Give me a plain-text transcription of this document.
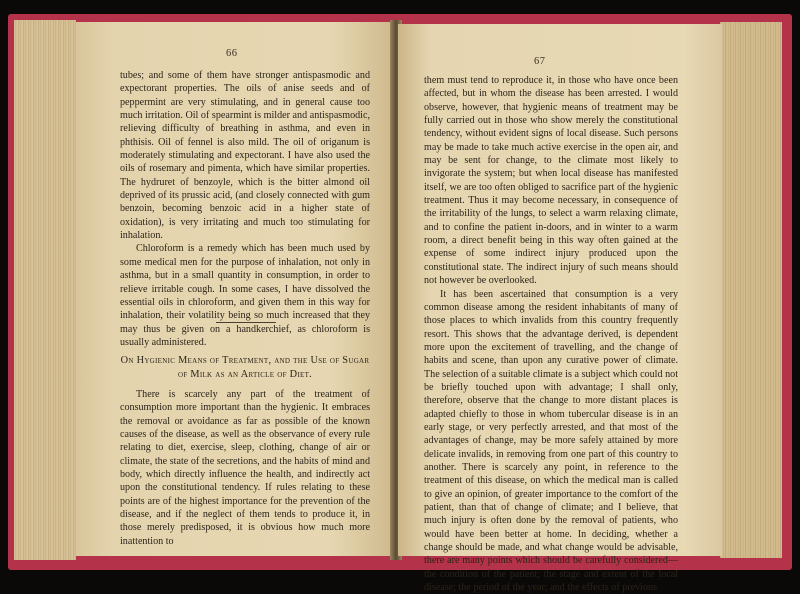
66

tubes; and some of them have stronger antispasmodic and expectorant properties. The oils of anise seeds and of peppermint are very stimulating, and in general cause too much irritation. Oil of spearmint is milder and antispasmodic, relieving difficulty of breathing in asthma, and even in phthisis. Oil of fennel is also mild. The oil of origanum is moderately stimulating and expectorant. I have also used the oils of rosemary and pimenta, which have similar properties. The hydruret of benzoyle, which is the bitter almond oil deprived of its prussic acid, (and closely connected with gum benzoin, becoming benzoic acid in a higher state of oxidation), is very irritating and much too stimulating for inhalation.

Chloroform is a remedy which has been much used by some medical men for the purpose of inhalation, not only in asthma, but in a small quantity in consumption, in order to relieve irritable cough. In some cases, I have dissolved the essential oils in chloroform, and given them in this way for inhalation, their volatility being so much increased that they may thus be given on a handkerchief, as chloroform is usually administered.

On Hygienic Means of Treatment, and the Use of Sugar of Milk as an Article of Diet.

There is scarcely any part of the treatment of consumption more important than the hygienic. It embraces the removal or avoidance as far as possible of the known causes of the disease, as well as the observance of every rule relating to diet, exercise, sleep, clothing, change of air or climate, the state of the secretions, and the habits of mind and body, which directly influence the health, and indirectly act upon the constitutional tendency. If rules relating to these points are of the highest importance for the prevention of the disease, and if the neglect of them tends to produce it, in those merely predisposed, it is obvious how much more inattention to

67

them must tend to reproduce it, in those who have once been affected, but in whom the disease has been arrested. I would observe, however, that hygienic means of treatment may be fully carried out in those who show merely the constitutional tendency, without evident signs of local disease. Such persons may be made to take much active exercise in the open air, and may be sent for change, to the climate most likely to invigorate the system; but when local disease has manifested itself, we are too often obliged to sacrifice part of the hygienic treatment. Thus it may become necessary, in consequence of the irritability of the lungs, to select a warm relaxing climate, and to confine the patient in-doors, and in winter to a warm room, a direct benefit being in this way often gained at the expense of some indirect injury produced upon the constitutional state. The indirect injury of such means should not however be overlooked.

It has been ascertained that consumption is a very common disease among the resident inhabitants of many of those places to which invalids from this country frequently resort. This shows that the advantage derived, is dependent more upon the excitement of travelling, and the change of habits and scene, than upon any curative power of climate. The selection of a suitable climate is a subject which could not be briefly touched upon with advantage; I shall only, therefore, observe that the change to more distant places is adapted chiefly to those in whom tubercular disease is in an early stage, or very perfectly arrested, and that most of the advantages of change, may be more safely attained by more delicate invalids, in removing from one part of this country to another. There is scarcely any point, in reference to the treatment of this disease, on which the medical man is called to give an opinion, of greater importance to the comfort of the patient, than that of change of climate; and I believe, that much injury is often done by the removal of patients, who would have been better at home. In deciding, whether a change should be made, and what change would be advisable, there are many points which should be carefully considered—the condition of the patient; the stage and extent of the local disease; the period of the year; and the effects of previous
